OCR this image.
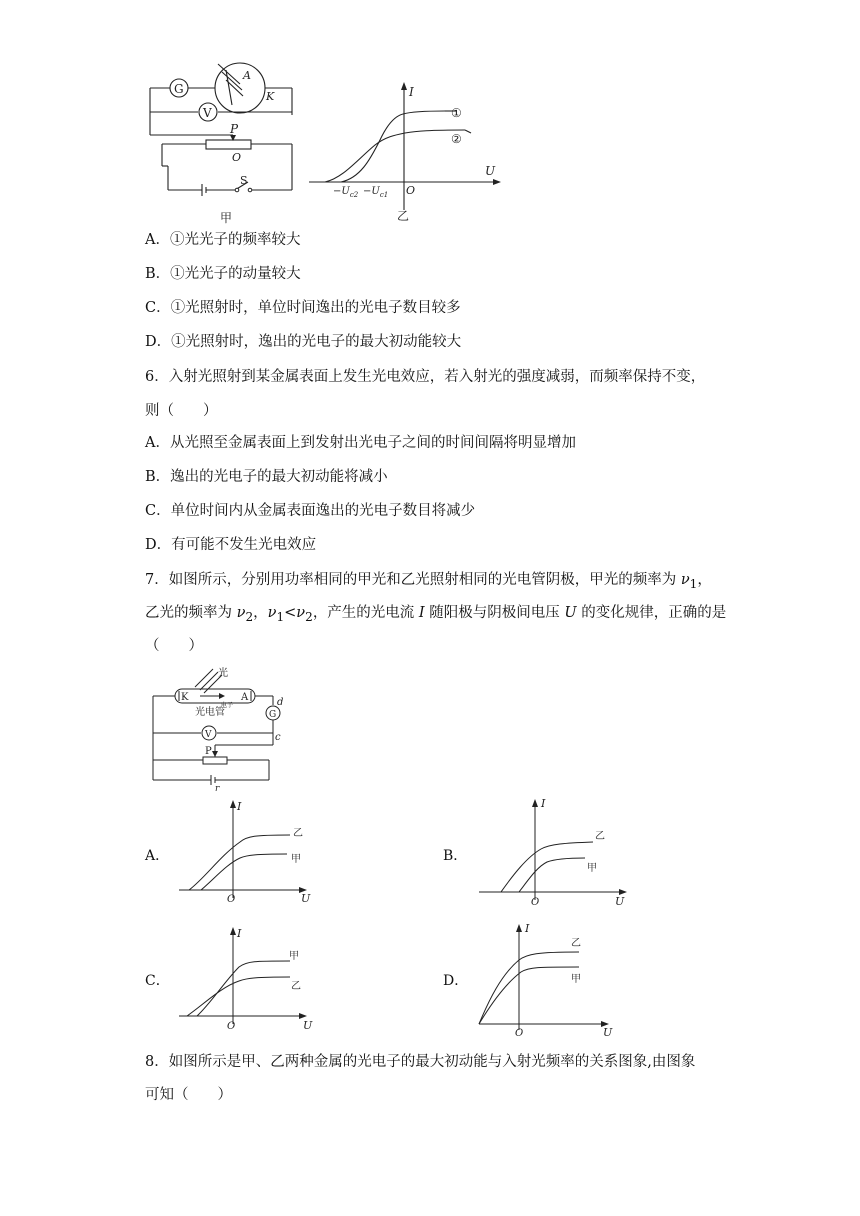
G
V
A
K
P
O
S
甲
I
U
O
①
②
$-U_{c2} -U_{c1}$
乙
A．①光光子的频率较大
B．①光光子的动量较大
C．①光照射时，单位时间逸出的光电子数目较多
D．①光照射时，逸出的光电子的最大初动能较大
6．入射光照射到某金属表面上发生光电效应，若入射光的强度减弱，而频率保持不变，
则（　　）
A．从光照至金属表面上到发射出光电子之间的时间间隔将明显增加
B．逸出的光电子的最大初动能将减小
C．单位时间内从金属表面逸出的光电子数目将减少
D．有可能不发生光电效应
7．如图所示，分别用功率相同的甲光和乙光照射相同的光电管阴极，甲光的频率为 $\nu_1$，
乙光的频率为 $\nu_2$，$\nu_1<\nu_2$，产生的光电流 I 随阳极与阴极间电压 U 的变化规律，正确的是
（　　）
光
K	A
电子
光电管	G
V
P
d
c
r
A．
I
U
O
乙
甲	B．
I
U
O
乙
甲
C．
I
U
O
甲
乙	D．
I
U
O
乙
甲
8．如图所示是甲、乙两种金属的光电子的最大初动能与入射光频率的关系图象,由图象
可知（　　）
